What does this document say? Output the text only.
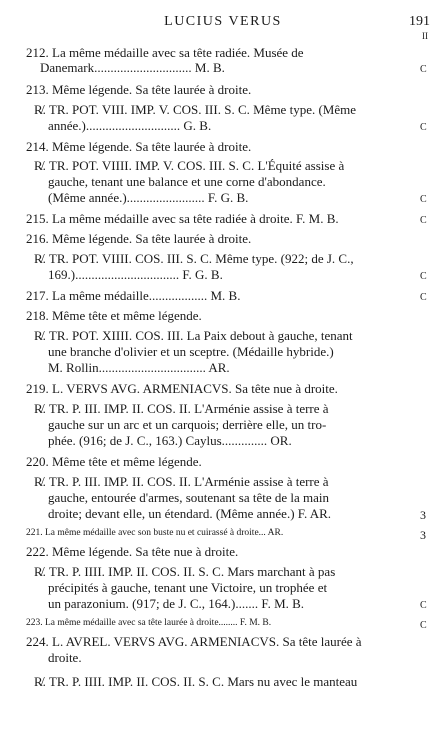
LUCIUS VERUS	191
II
212. La même médaille avec sa tête radiée. Musée de
Danemark.............................. M. B.
213. Même légende. Sa tête laurée à droite.
R̸. TR. POT. VIII. IMP. V. COS. III. S. C. Même type. (Même
année.)............................. G. B.
214. Même légende. Sa tête laurée à droite.
R̸. TR. POT. VIIII. IMP. V. COS. III. S. C. L'Équité assise à
gauche, tenant une balance et une corne d'abondance.
(Même année.)........................ F. G. B.
215. La même médaille avec sa tête radiée à droite. F. M. B.
216. Même légende. Sa tête laurée à droite.
R̸. TR. POT. VIIII. COS. III. S. C. Même type. (922; de J. C.,
169.)................................ F. G. B.
217. La même médaille.................. M. B.
218. Même tête et même légende.
R̸. TR. POT. XIIII. COS. III. La Paix debout à gauche, tenant
une branche d'olivier et un sceptre. (Médaille hybride.)
M. Rollin................................. AR.
219. L. VERVS AVG. ARMENIACVS. Sa tête nue à droite.
R̸. TR. P. III. IMP. II. COS. II. L'Arménie assise à terre à
gauche sur un arc et un carquois; derrière elle, un tro-
phée. (916; de J. C., 163.) Caylus.............. OR.
220. Même tête et même légende.
R̸. TR. P. III. IMP. II. COS. II. L'Arménie assise à terre à
gauche, entourée d'armes, soutenant sa tête de la main
droite; devant elle, un étendard. (Même année.) F. AR.
221. La même médaille avec son buste nu et cuirassé à droite... AR.
222. Même légende. Sa tête nue à droite.
R̸. TR. P. IIII. IMP. II. COS. II. S. C. Mars marchant à pas
précipités à gauche, tenant une Victoire, un trophée et
un parazonium. (917; de J. C., 164.)....... F. M. B.
223. La même médaille avec sa tête laurée à droite........ F. M. B.
224. L. AVREL. VERVS AVG. ARMENIACVS. Sa tête laurée à
droite.
R̸. TR. P. IIII. IMP. II. COS. II. S. C. Mars nu avec le manteau
C
C
C
C
C
C
3
3
C
C
